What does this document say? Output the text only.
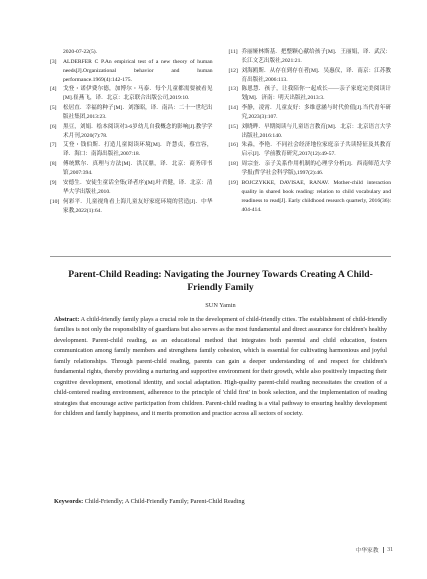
2020-07-22(5).
[3]	ALDERFER C P.An empirical test of a new theory of human needs[J].Organizational behavior and human performance.1969(4):142-175.
[4]	戈登・诺伊费尔德，加博尔・马泰．每个儿童都需要被看见[M].崔燕飞，译．北京：北京联合出版公司,2019:10.
[5]	松居直．幸福的种子[M]．刘涤昭，译．南昌：二十一世纪出版社集团,2013:23.
[6]	黑豆，刘娟．绘本阅读对3-6岁幼儿自我概念的影响[J].教学学术月刊,2020(7):78.
[7]	艾登・钱伯斯．打造儿童阅读环境[M]．许慧贞，蔡宜容，译．海口：南海出版社,2007:18.
[8]	傅统默尔．真理与方法[M]．洪汉鼎，译．北京：商务印书馆,2007:394.
[9]	安德生．安徒生童话全集(译者序)[M].叶君健，译．北京：清华大学出版社,2010.
[10] 何彩平．儿童视角看上海儿童友好家庭环境的营造[J]．中华家教,2022(1):64.
[11] 乔丽娅林斯基．把整颗心献给孩子[M]．王丽娟，译．武汉：长江文艺出版社,2021:21.
[12] 刘海鸥斯．从存在到存在者[M]．吴惠仪，译．南京：江苏教育出版社,2006:113.
[13] 陈恩慧．孩子，让我陪你一起成长——亲子家庭完美阅读计划[M]．济南：明天出版社,2013:3.
[14] 李静，凌霄．儿童友好：多维意涵与时代价值[J].当代青年研究,2023(3):107.
[15] 刘晓晔．早期阅读与儿童语言教育[M]．北京：北京语言大学出版社,2016:140.
[16] 朱淼，李艳．不同社会经济地位家庭亲子共读特征及其教育启示[J]．学前教育研究,2017(12):49-57.
[18] 周宗奎．亲子关系作用机制的心理学分析[J]．西南师范大学学报(哲学社会科学版),1997(2):46.
[19] BOJCZYKKE, DAVISAE, RANAV. Mother-child interaction quality in shared book reading: relation to child vocabulary and readiness to read[J]. Early childhood research quarterly, 2016(36): 404-414.
Parent-Child Reading: Navigating the Journey Towards Creating A Child-Friendly Family
SUN Yamin
Abstract: A child-friendly family plays a crucial role in the development of child-friendly cities. The establishment of child-friendly families is not only the responsibility of guardians but also serves as the most fundamental and direct assurance for children's healthy development. Parent-child reading, as an educational method that integrates both parental and child education, fosters communication among family members and strengthens family cohesion, which is essential for cultivating harmonious and joyful family relationships. Through parent-child reading, parents can gain a deeper understanding of and respect for children's fundamental rights, thereby providing a nurturing and supportive environment for their growth, while also positively impacting their cognitive development, emotional identity, and social adaptation. High-quality parent-child reading necessitates the creation of a child-centered reading environment, adherence to the principle of 'child first' in book selection, and the implementation of reading strategies that encourage active participation from children. Parent-child reading is a vital pathway to ensuring healthy development for children and family happiness, and it merits promotion and practice across all sectors of society.
Keywords: Child-Friendly; A Child-Friendly Family; Parent-Child Reading
中华家教 31
